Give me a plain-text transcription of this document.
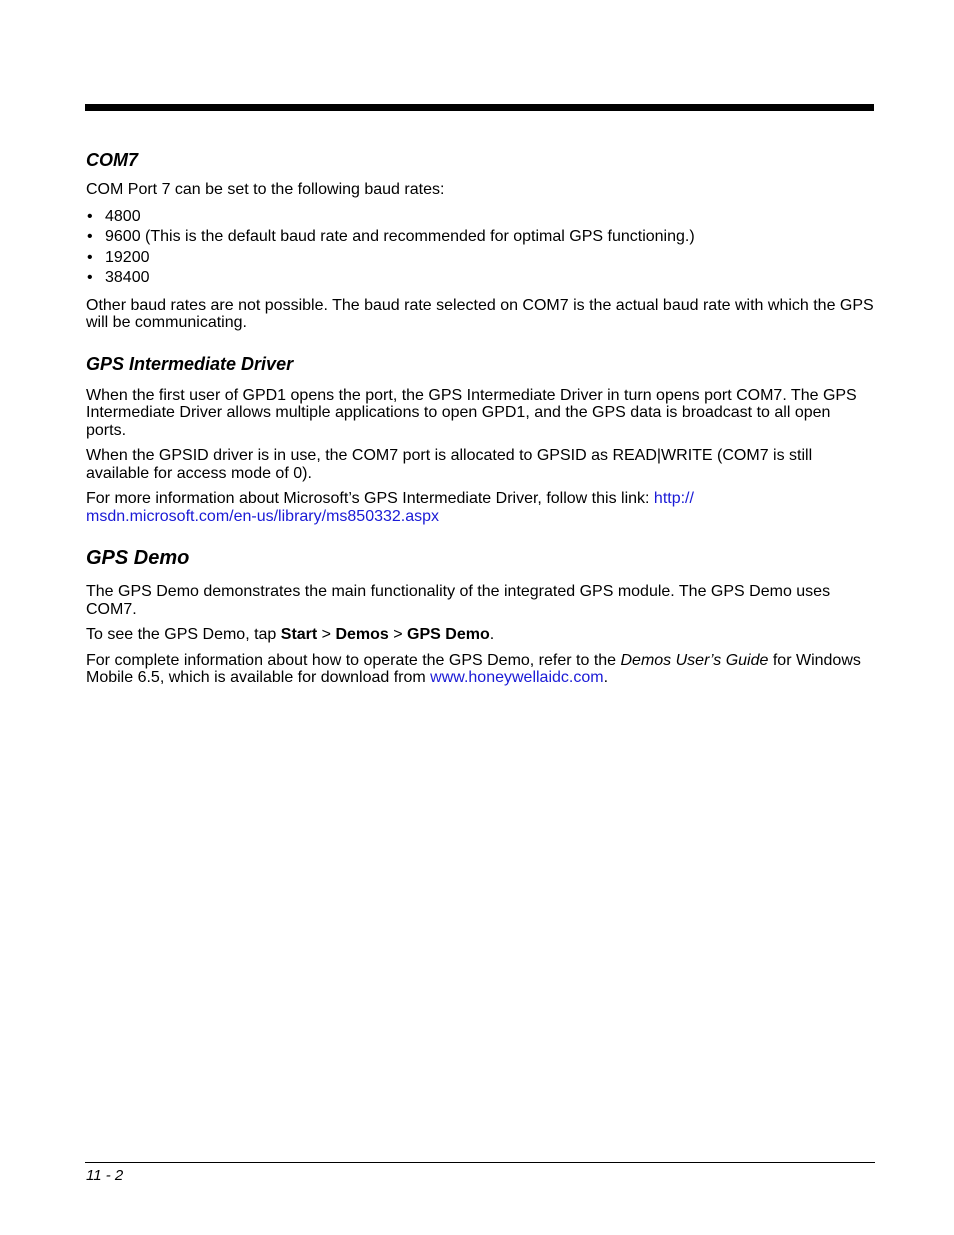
COM7

COM Port 7 can be set to the following baud rates:

• 4800
• 9600 (This is the default baud rate and recommended for optimal GPS functioning.)
• 19200
• 38400

Other baud rates are not possible. The baud rate selected on COM7 is the actual baud rate with which the GPS will be communicating.

GPS Intermediate Driver

When the first user of GPD1 opens the port, the GPS Intermediate Driver in turn opens port COM7. The GPS Intermediate Driver allows multiple applications to open GPD1, and the GPS data is broadcast to all open ports.

When the GPSID driver is in use, the COM7 port is allocated to GPSID as READ|WRITE (COM7 is still available for access mode of 0).

For more information about Microsoft’s GPS Intermediate Driver, follow this link: http://
msdn.microsoft.com/en-us/library/ms850332.aspx

GPS Demo

The GPS Demo demonstrates the main functionality of the integrated GPS module. The GPS Demo uses COM7.

To see the GPS Demo, tap Start > Demos > GPS Demo.

For complete information about how to operate the GPS Demo, refer to the Demos User’s Guide for Windows Mobile 6.5, which is available for download from www.honeywellaidc.com.

11 - 2
